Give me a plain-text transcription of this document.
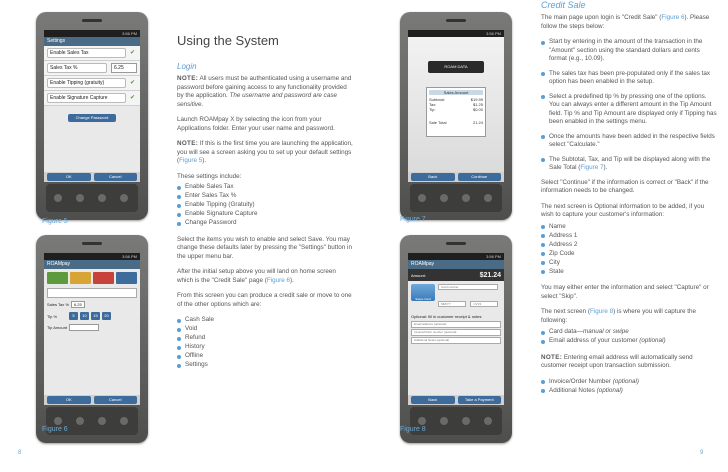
3:56 PM
Settings
Enable Sales Tax	✔
Sales Tax %	6.25
Enable Tipping (gratuity)	✔
Enable Signature Capture	✔
Change Password
OK	Cancel
Figure 5
3:56 PM
ROAMpay
Sales Tax %	6.25
Tip %	5	10	15	20
Tip Amount
OK	Cancel
Figure 6
8
Using the System
Login

NOTE: All users must be authenticated using a username and password before gaining access to any functionality provided by the application. The username and password are case sensitive.

Launch ROAMpay X by selecting the icon from your Applications folder. Enter your user name and password.

NOTE: If this is the first time you are launching the application, you will see a screen asking you to set up your default settings (Figure 5).

These settings include:

Enable Sales Tax
Enter Sales Tax %
Enable Tipping (Gratuity)
Enable Signature Capture
Change Password

Select the items you wish to enable and select Save. You may change these defaults later by pressing the "Settings" button in the upper menu bar.

After the initial setup above you will land on home screen which is the "Credit Sale" page (Figure 6).

From this screen you can produce a credit sale or move to one of the other options which are:

Cash Sale
Void
Refund
History
Offline
Settings
3:56 PM
ROAM DATA
Sales Amount
Subtotal:	$19.99
Tax:	$1.25
Tip:	$0.00
Sale Total	21.24
Back	Continue
Figure 7
3:56 PM
ROAMpay
Amount:	$21.24
Swipe Card
Card number
MM/YY	CVV2
Optional: fill in customer receipt & notes
Email address (optional)
Invoice/Order number (optional)
Additional Notes (optional)
Back	Take a Payment
Figure 8
9
Credit Sale

The main page upon login is "Credit Sale" (Figure 6). Please follow the steps below:

Start by entering in the amount of the transaction in the "Amount" section using the standard dollars and cents format (e.g., 10.09).
The sales tax has been pre-populated only if the sales tax option has been enabled in the setup.
Select a predefined tip % by pressing one of the options. You can always enter a different amount in the Tip Amount field. Tip % and Tip Amount are displayed only if Tipping has been enabled in the settings menu.
Once the amounts have been added in the respective fields select "Calculate."
The Subtotal, Tax, and Tip will be displayed along with the Sale Total (Figure 7).

Select "Continue" if the information is correct or "Back" if the information needs to be changed.

The next screen is Optional information to be added, if you wish to capture your customer's information:

Name
Address 1
Address 2
Zip Code
City
State

You may either enter the information and select "Capture" or select "Skip".

The next screen (Figure 8) is where you will capture the following:

Card data—manual or swipe
Email address of your customer (optional)

NOTE: Entering email address will automatically send customer receipt upon transaction submission.

Invoice/Order Number (optional)
Additional Notes (optional)
